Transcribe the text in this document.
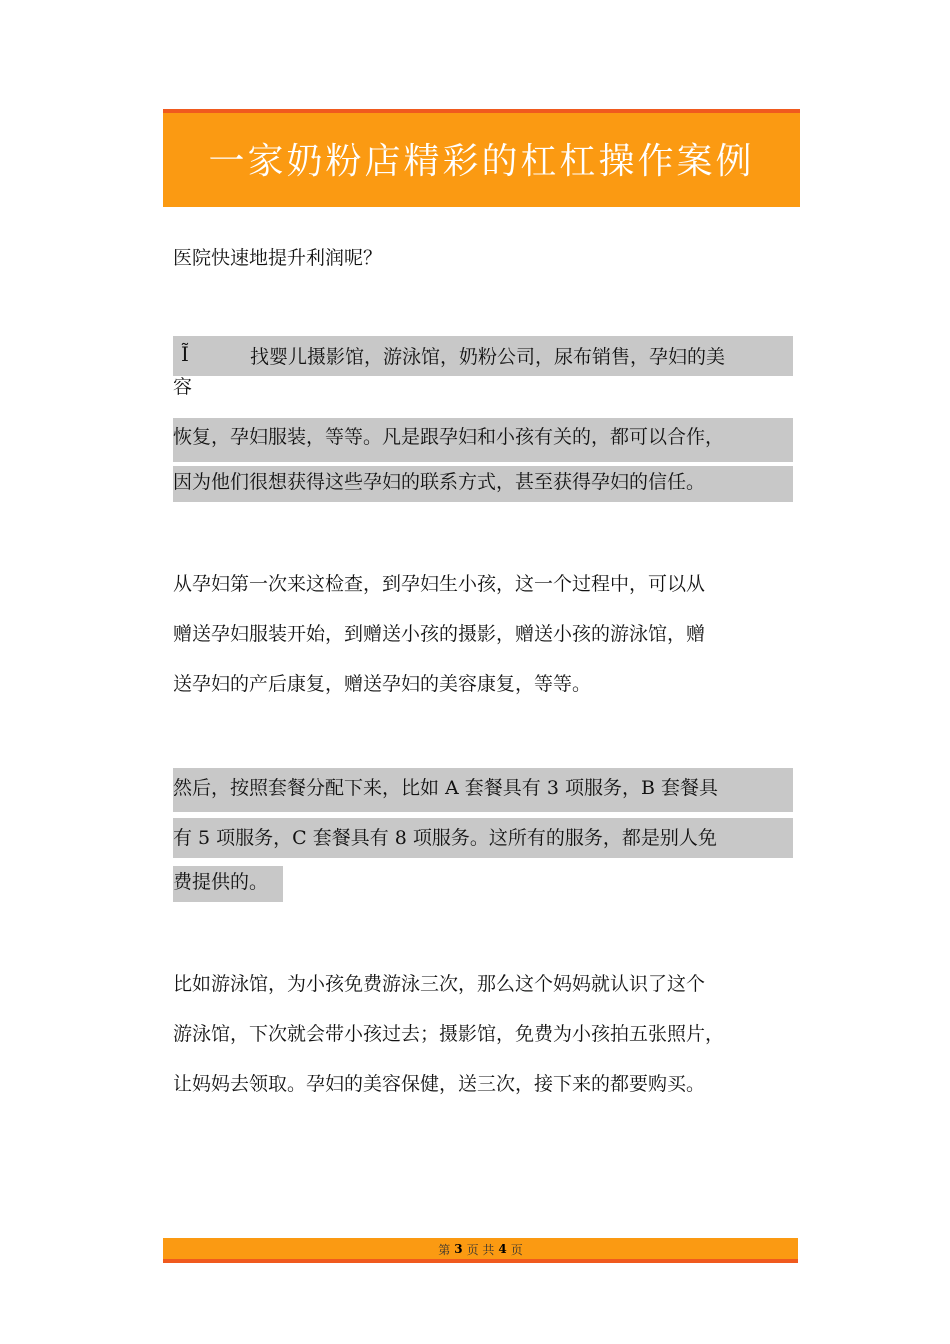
一家奶粉店精彩的杠杠操作案例
医院快速地提升利润呢？
Ĩ	找婴儿摄影馆，游泳馆，奶粉公司，尿布销售，孕妇的美
容
恢复，孕妇服装，等等。凡是跟孕妇和小孩有关的，都可以合作，
因为他们很想获得这些孕妇的联系方式，甚至获得孕妇的信任。
从孕妇第一次来这检查，到孕妇生小孩，这一个过程中，可以从
赠送孕妇服装开始，到赠送小孩的摄影，赠送小孩的游泳馆，赠
送孕妇的产后康复，赠送孕妇的美容康复，等等。
然后，按照套餐分配下来，比如 A 套餐具有 3 项服务，B 套餐具
有 5 项服务，C 套餐具有 8 项服务。这所有的服务，都是别人免
费提供的。
比如游泳馆，为小孩免费游泳三次，那么这个妈妈就认识了这个
游泳馆，下次就会带小孩过去；摄影馆，免费为小孩拍五张照片，
让妈妈去领取。孕妇的美容保健，送三次，接下来的都要购买。
第 3 页 共 4 页
